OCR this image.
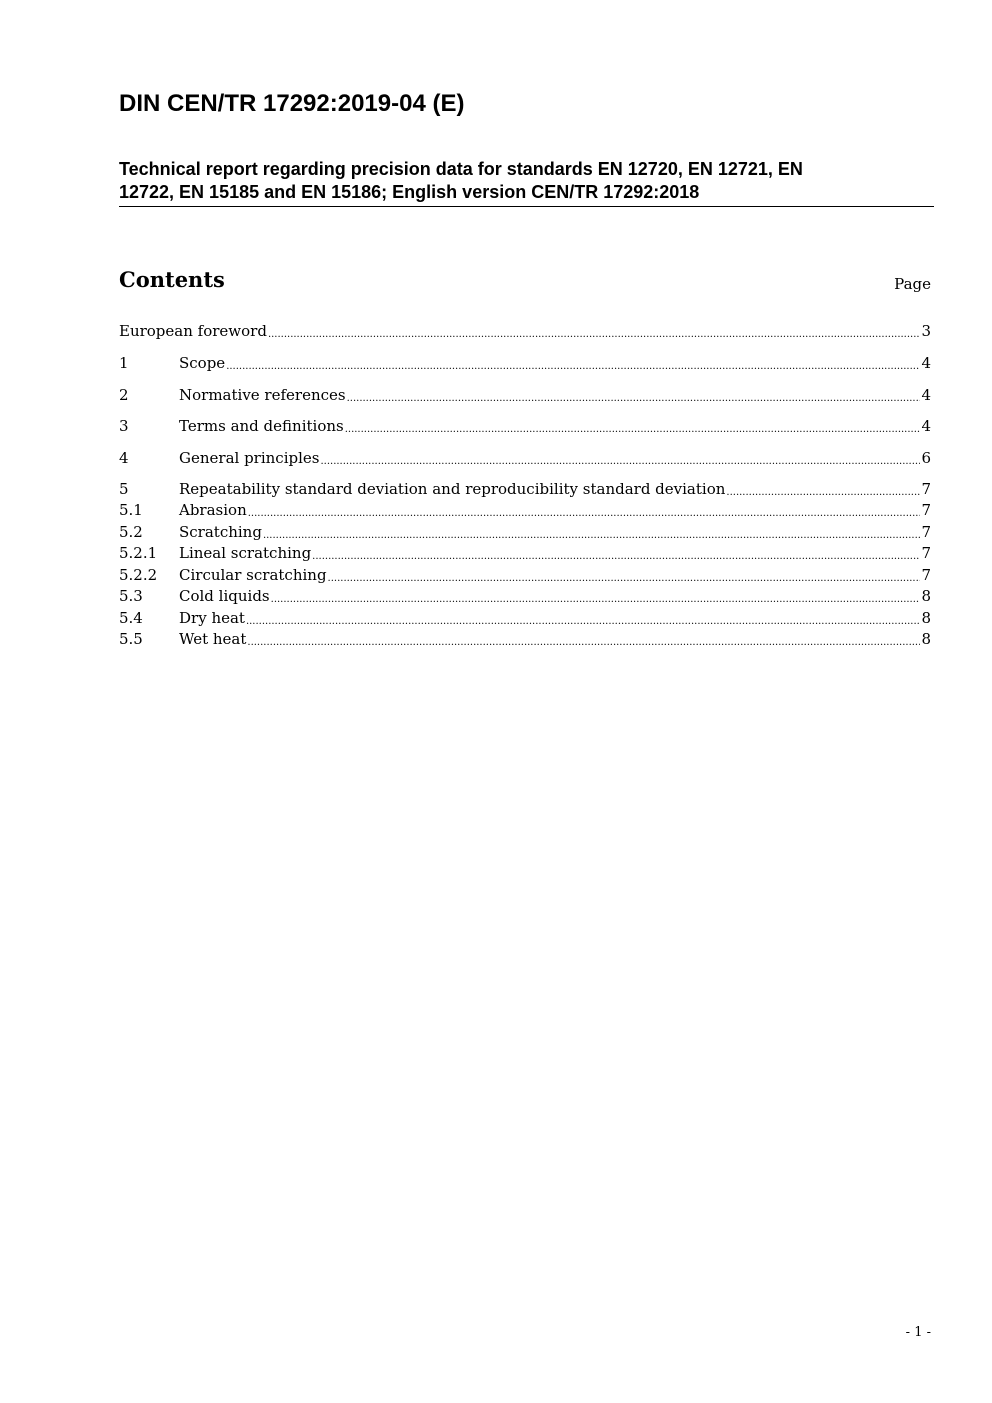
DIN CEN/TR 17292:2019-04 (E)
Technical report regarding precision data for standards EN 12720, EN 12721, EN
12722, EN 15185 and EN 15186; English version CEN/TR 17292:2018
Contents	Page
European foreword .....	3
1	Scope .....	4
2	Normative references .....	4
3	Terms and definitions .....	4
4	General principles .....	6
5	Repeatability standard deviation and reproducibility standard deviation .....	7
5.1	Abrasion .....	7
5.2	Scratching .....	7
5.2.1	Lineal scratching .....	7
5.2.2	Circular scratching .....	7
5.3	Cold liquids .....	8
5.4	Dry heat .....	8
5.5	Wet heat .....	8
- 1 -
